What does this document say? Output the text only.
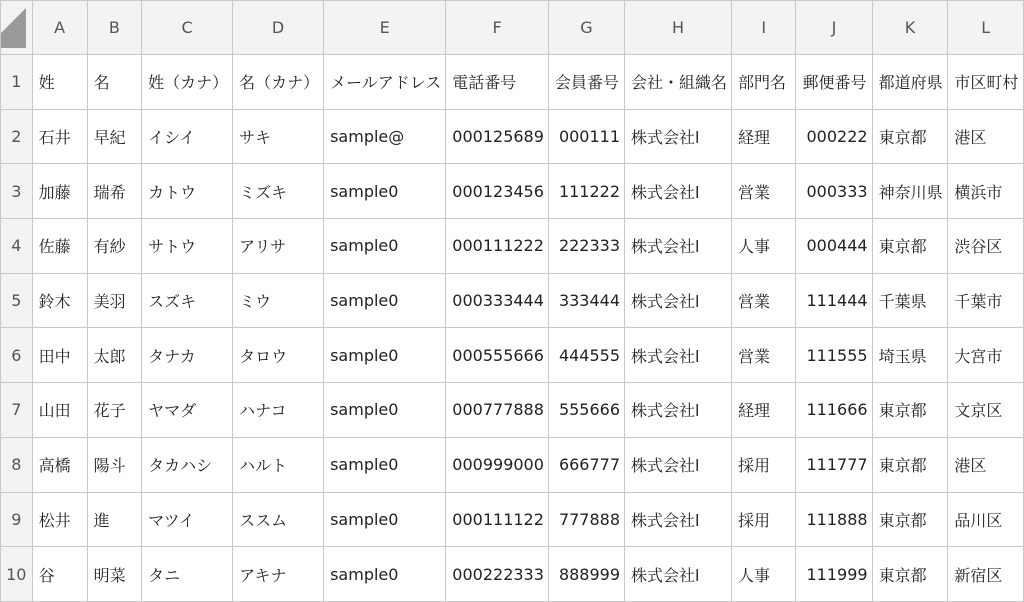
	A	B	C	D	E	F	G	H	I	J	K	L
1	姓	名	姓（カナ）	名（カナ）	メールアドレス	電話番号	会員番号	会社・組織名	部門名	郵便番号	都道府県	市区町村
2	石井	早紀	イシイ	サキ	sample@	000125689	000111	株式会社l	経理	000222	東京都	港区
3	加藤	瑞希	カトウ	ミズキ	sample0	000123456	111222	株式会社l	営業	000333	神奈川県	横浜市
4	佐藤	有紗	サトウ	アリサ	sample0	000111222	222333	株式会社l	人事	000444	東京都	渋谷区
5	鈴木	美羽	スズキ	ミウ	sample0	000333444	333444	株式会社l	営業	111444	千葉県	千葉市
6	田中	太郎	タナカ	タロウ	sample0	000555666	444555	株式会社l	営業	111555	埼玉県	大宮市
7	山田	花子	ヤマダ	ハナコ	sample0	000777888	555666	株式会社l	経理	111666	東京都	文京区
8	高橋	陽斗	タカハシ	ハルト	sample0	000999000	666777	株式会社l	採用	111777	東京都	港区
9	松井	進	マツイ	ススム	sample0	000111122	777888	株式会社l	採用	111888	東京都	品川区
10	谷	明菜	タニ	アキナ	sample0	000222333	888999	株式会社l	人事	111999	東京都	新宿区
